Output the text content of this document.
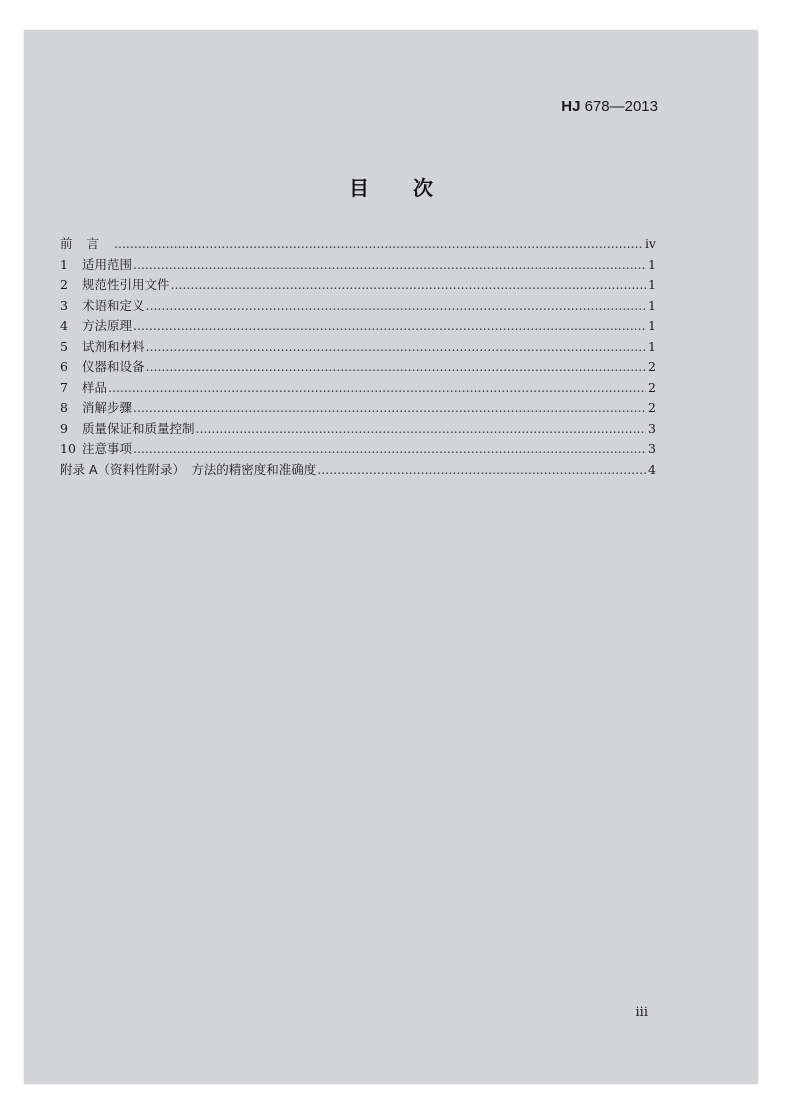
HJ 678—2013
目次
前言 .....	iv
1	适用范围 .....	1
2	规范性引用文件 .....	1
3	术语和定义 .....	1
4	方法原理 .....	1
5	试剂和材料 .....	1
6	仪器和设备 .....	2
7	样品 .....	2
8	消解步骤 .....	2
9	质量保证和质量控制 .....	3
10 注意事项 .....	3
附录 A（资料性附录）　方法的精密度和准确度 .....	4
iii
